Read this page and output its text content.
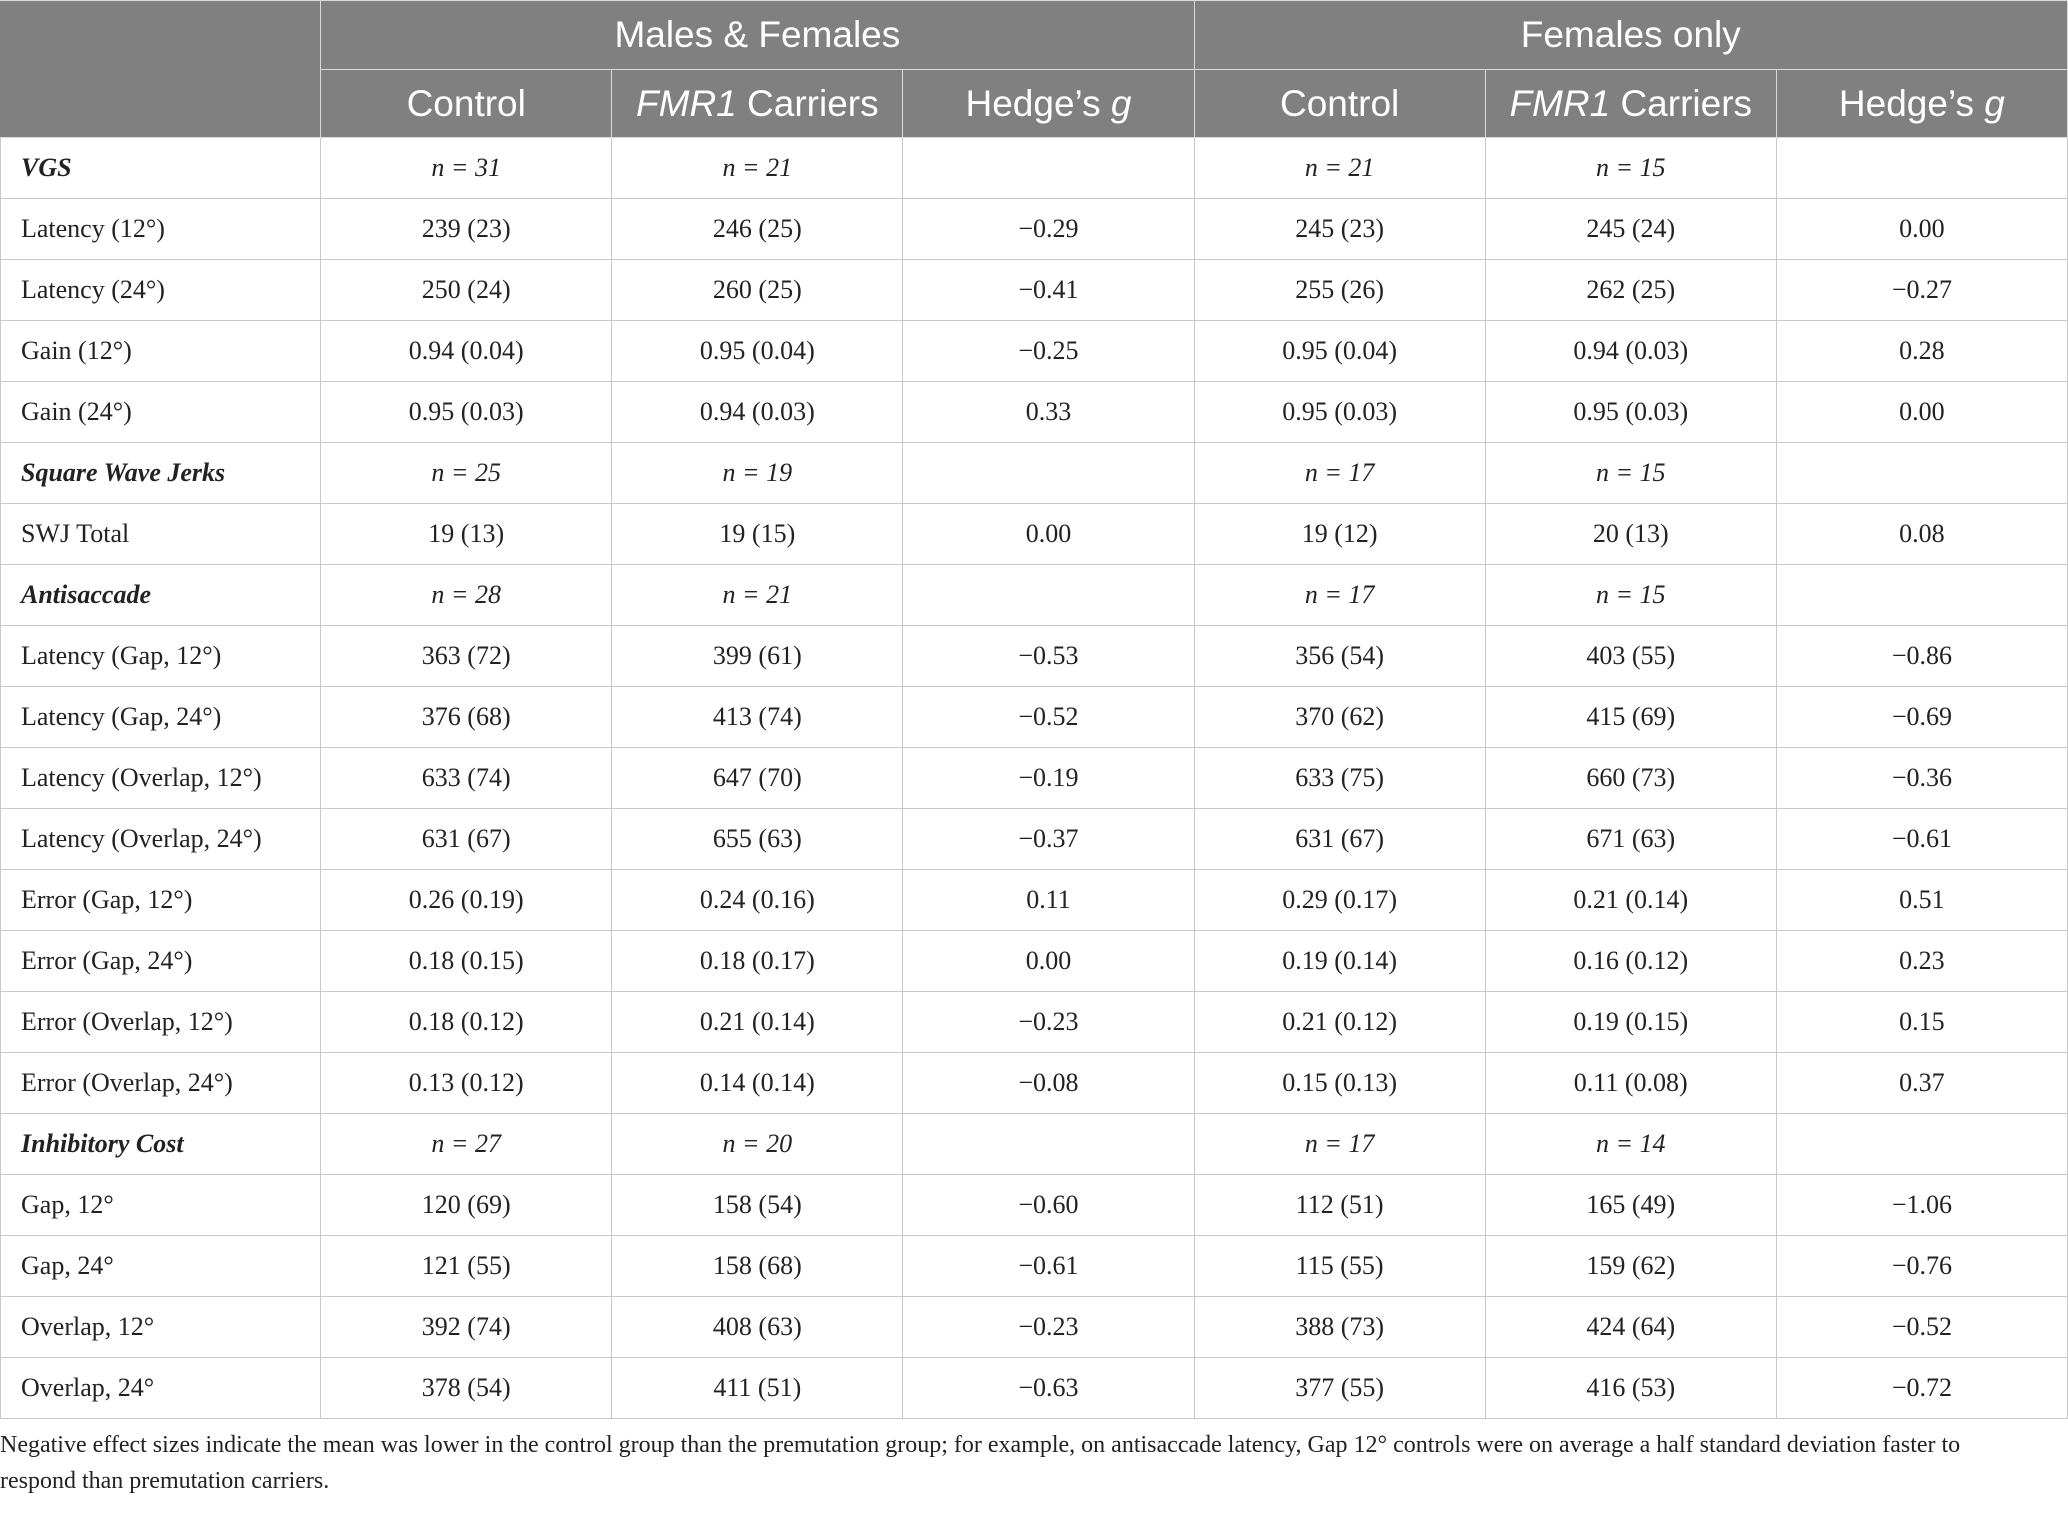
	Males & Females			Females only		
	Control	FMR1 Carriers	Hedge’s g	Control	FMR1 Carriers	Hedge’s g
VGS	n = 31	n = 21		n = 21	n = 15	
Latency (12°)	239 (23)	246 (25)	−0.29	245 (23)	245 (24)	0.00
Latency (24°)	250 (24)	260 (25)	−0.41	255 (26)	262 (25)	−0.27
Gain (12°)	0.94 (0.04)	0.95 (0.04)	−0.25	0.95 (0.04)	0.94 (0.03)	0.28
Gain (24°)	0.95 (0.03)	0.94 (0.03)	0.33	0.95 (0.03)	0.95 (0.03)	0.00
Square Wave Jerks	n = 25	n = 19		n = 17	n = 15	
SWJ Total	19 (13)	19 (15)	0.00	19 (12)	20 (13)	0.08
Antisaccade	n = 28	n = 21		n = 17	n = 15	
Latency (Gap, 12°)	363 (72)	399 (61)	−0.53	356 (54)	403 (55)	−0.86
Latency (Gap, 24°)	376 (68)	413 (74)	−0.52	370 (62)	415 (69)	−0.69
Latency (Overlap, 12°)	633 (74)	647 (70)	−0.19	633 (75)	660 (73)	−0.36
Latency (Overlap, 24°)	631 (67)	655 (63)	−0.37	631 (67)	671 (63)	−0.61
Error (Gap, 12°)	0.26 (0.19)	0.24 (0.16)	0.11	0.29 (0.17)	0.21 (0.14)	0.51
Error (Gap, 24°)	0.18 (0.15)	0.18 (0.17)	0.00	0.19 (0.14)	0.16 (0.12)	0.23
Error (Overlap, 12°)	0.18 (0.12)	0.21 (0.14)	−0.23	0.21 (0.12)	0.19 (0.15)	0.15
Error (Overlap, 24°)	0.13 (0.12)	0.14 (0.14)	−0.08	0.15 (0.13)	0.11 (0.08)	0.37
Inhibitory Cost	n = 27	n = 20		n = 17	n = 14	
Gap, 12°	120 (69)	158 (54)	−0.60	112 (51)	165 (49)	−1.06
Gap, 24°	121 (55)	158 (68)	−0.61	115 (55)	159 (62)	−0.76
Overlap, 12°	392 (74)	408 (63)	−0.23	388 (73)	424 (64)	−0.52
Overlap, 24°	378 (54)	411 (51)	−0.63	377 (55)	416 (53)	−0.72
Negative effect sizes indicate the mean was lower in the control group than the premutation group; for example, on antisaccade latency, Gap 12° controls were on average a half standard deviation faster to respond than premutation carriers.
